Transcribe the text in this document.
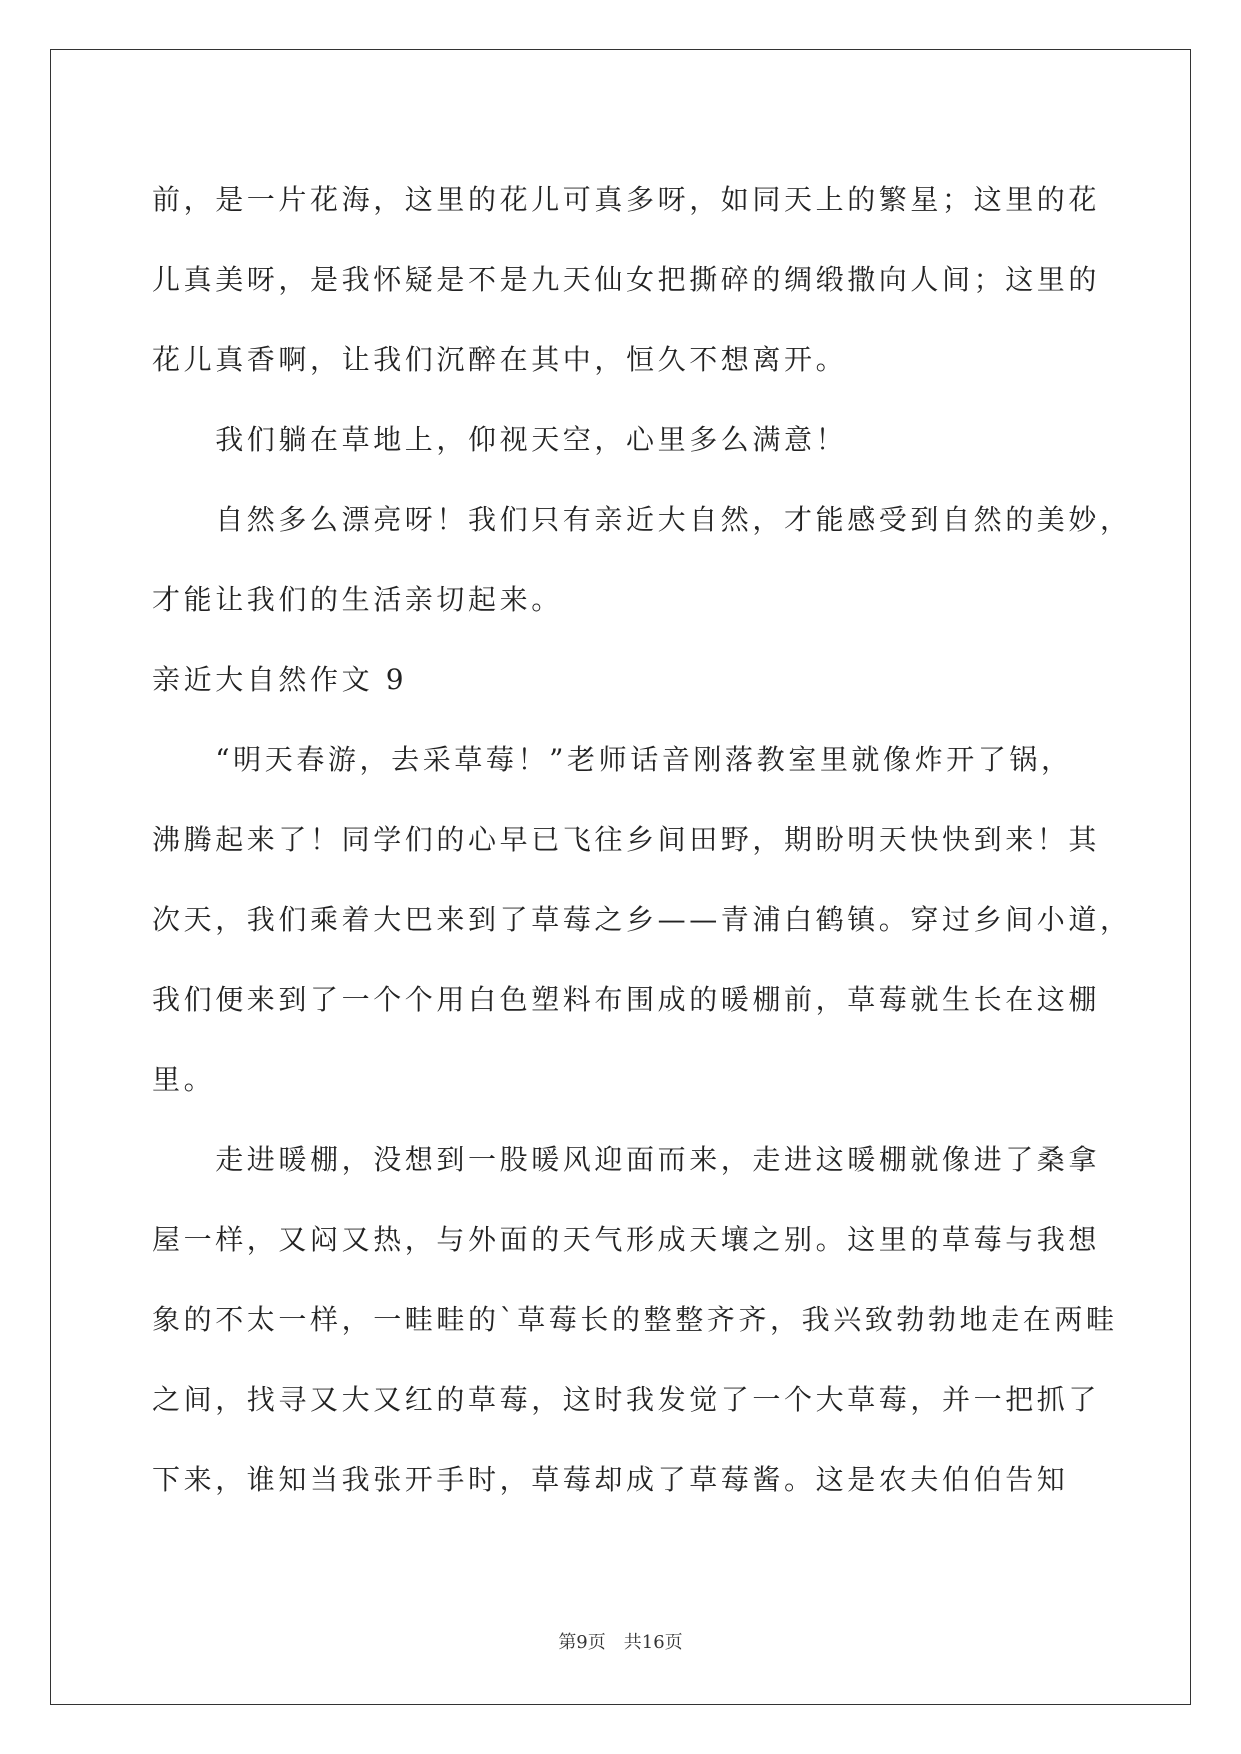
前，是一片花海，这里的花儿可真多呀，如同天上的繁星；这里的花

儿真美呀，是我怀疑是不是九天仙女把撕碎的绸缎撒向人间；这里的

花儿真香啊，让我们沉醉在其中，恒久不想离开。

　　我们躺在草地上，仰视天空，心里多么满意！

　　自然多么漂亮呀！我们只有亲近大自然，才能感受到自然的美妙，

才能让我们的生活亲切起来。

亲近大自然作文 9

　　“明天春游，去采草莓！”老师话音刚落教室里就像炸开了锅，

沸腾起来了！同学们的心早已飞往乡间田野，期盼明天快快到来！其

次天，我们乘着大巴来到了草莓之乡——青浦白鹤镇。穿过乡间小道，

我们便来到了一个个用白色塑料布围成的暖棚前，草莓就生长在这棚

里。

　　走进暖棚，没想到一股暖风迎面而来，走进这暖棚就像进了桑拿

屋一样，又闷又热，与外面的天气形成天壤之别。这里的草莓与我想

象的不太一样，一畦畦的`草莓长的整整齐齐，我兴致勃勃地走在两畦

之间，找寻又大又红的草莓，这时我发觉了一个大草莓，并一把抓了

下来，谁知当我张开手时，草莓却成了草莓酱。这是农夫伯伯告知

第9页 共16页
